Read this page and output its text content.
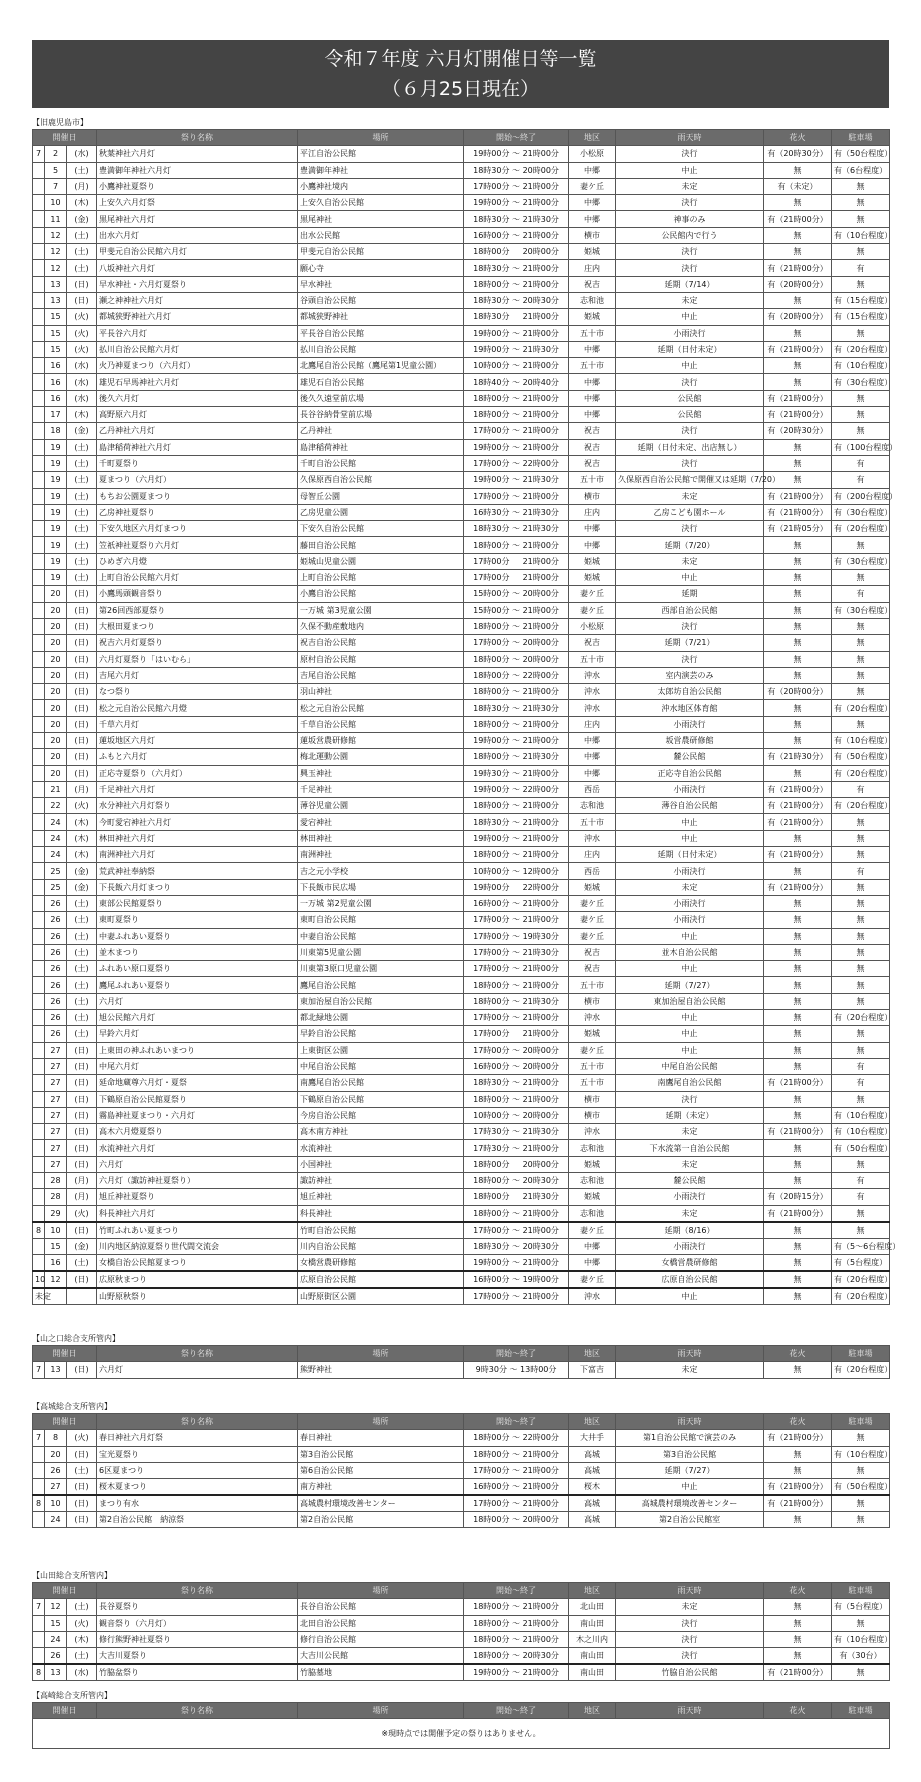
令和７年度 六月灯開催日等一覧
（６月25日現在）
【旧鹿児島市】
開催日			祭り名称	場所	開始～終了	地区	雨天時	花火	駐車場
7	2	(水)	秋葉神社六月灯	平江自治公民館	19時00分 ～ 21時00分	小松原	決行	有（20時30分）	有（50台程度）
	5	(土)	豊満御年神社六月灯	豊満御年神社	18時30分 ～ 20時00分	中郷	中止	無	有（6台程度）
	7	(月)	小鷹神社夏祭り	小鷹神社境内	17時00分 ～ 21時00分	妻ケ丘	未定	有（未定）	無
	10	(木)	上安久六月灯祭	上安久自治公民館	19時00分 ～ 21時00分	中郷	決行	無	無
	11	(金)	黒尾神社六月灯	黒尾神社	18時30分 ～ 21時30分	中郷	神事のみ	有（21時00分）	無
	12	(土)	出水六月灯	出水公民館	16時00分 ～ 21時00分	横市	公民館内で行う	無	有（10台程度）
	12	(土)	甲斐元自治公民館六月灯	甲斐元自治公民館	18時00分 　 20時00分	姫城	決行	無	無
	12	(土)	八坂神社六月灯	願心寺	18時30分 ～ 21時00分	庄内	決行	有（21時00分）	有
	13	(日)	早水神社・六月灯夏祭り	早水神社	18時00分 ～ 21時00分	祝吉	延期（7/14）	有（20時00分）	無
	13	(日)	瀬之神神社六月灯	谷頭自治公民館	18時30分 ～ 20時30分	志和池	未定	無	有（15台程度）
	15	(火)	都城狭野神社六月灯	都城狭野神社	18時30分 　 21時00分	姫城	中止	有（20時00分）	有（15台程度）
	15	(火)	平長谷六月灯	平長谷自治公民館	19時00分 ～ 21時00分	五十市	小雨決行	無	無
	15	(火)	払川自治公民館六月灯	払川自治公民館	19時00分 ～ 21時30分	中郷	延期（日付未定）	有（21時00分）	有（20台程度）
	16	(水)	火乃神夏まつり（六月灯）	北鷹尾自治公民館（鷹尾第1児童公園）	10時00分 ～ 21時00分	五十市	中止	無	有（10台程度）
	16	(水)	雄児石早馬神社六月灯	雄児石自治公民館	18時40分 ～ 20時40分	中郷	決行	無	有（30台程度）
	16	(水)	後久六月灯	後久久遠堂前広場	18時00分 ～ 21時00分	中郷	公民館	有（21時00分）	無
	17	(木)	高野原六月灯	長谷谷納骨堂前広場	18時00分 ～ 21時00分	中郷	公民館	有（21時00分）	無
	18	(金)	乙丹神社六月灯	乙丹神社	17時00分 ～ 21時00分	祝吉	決行	有（20時30分）	無
	19	(土)	島津稲荷神社六月灯	島津稲荷神社	19時00分 ～ 21時00分	祝吉	延期（日付未定、出店無し）	無	有（100台程度）
	19	(土)	千町夏祭り	千町自治公民館	17時00分 ～ 22時00分	祝吉	決行	無	有
	19	(土)	夏まつり（六月灯）	久保原西自治公民館	19時00分 ～ 21時30分	五十市	久保原西自治公民館で開催又は延期（7/20）	無	有
	19	(土)	もちお公園夏まつり	母智丘公園	17時00分 ～ 21時00分	横市	未定	有（21時00分）	有（200台程度）
	19	(土)	乙房神社夏祭り	乙房児童公園	16時30分 ～ 21時30分	庄内	乙房こども園ホール	有（21時00分）	有（30台程度）
	19	(土)	下安久地区六月灯まつり	下安久自治公民館	18時30分 ～ 21時30分	中郷	決行	有（21時05分）	有（20台程度）
	19	(土)	笠祇神社夏祭り六月灯	藤田自治公民館	18時00分 ～ 21時00分	中郷	延期（7/20）	無	無
	19	(土)	ひめぎ六月燈	姫城山児童公園	17時00分 　 21時00分	姫城	未定	無	有（30台程度）
	19	(土)	上町自治公民館六月灯	上町自治公民館	17時00分 　 21時00分	姫城	中止	無	無
	20	(日)	小鷹馬頭観音祭り	小鷹自治公民館	15時00分 ～ 20時00分	妻ケ丘	延期	無	有
	20	(日)	第26回西部夏祭り	一万城 第3児童公園	15時00分 ～ 21時00分	妻ケ丘	西部自治公民館	無	有（30台程度）
	20	(日)	大根田夏まつり	久保不動産敷地内	18時00分 ～ 21時00分	小松原	決行	無	無
	20	(日)	祝吉六月灯夏祭り	祝吉自治公民館	17時00分 ～ 20時00分	祝吉	延期（7/21）	無	無
	20	(日)	六月灯夏祭り「はいむら」	原村自治公民館	18時00分 ～ 20時00分	五十市	決行	無	無
	20	(日)	吉尾六月灯	吉尾自治公民館	18時00分 ～ 22時00分	沖水	室内演芸のみ	無	無
	20	(日)	なつ祭り	羽山神社	18時00分 ～ 21時00分	沖水	太郎坊自治公民館	有（20時00分）	無
	20	(日)	松之元自治公民館六月燈	松之元自治公民館	18時30分 ～ 21時30分	沖水	沖水地区体育館	無	有（20台程度）
	20	(日)	千草六月灯	千草自治公民館	18時00分 ～ 21時00分	庄内	小雨決行	無	無
	20	(日)	蓮坂地区六月灯	蓮坂営農研修館	19時00分 ～ 21時00分	中郷	坂営農研修館	無	有（10台程度）
	20	(日)	ふもと六月灯	梅北運動公園	18時00分 ～ 21時30分	中郷	麓公民館	有（21時30分）	有（50台程度）
	20	(日)	正応寺夏祭り（六月灯）	興玉神社	19時30分 ～ 21時00分	中郷	正応寺自治公民館	無	有（20台程度）
	21	(月)	千足神社六月灯	千足神社	19時00分 ～ 22時00分	西岳	小雨決行	有（21時00分）	有
	22	(火)	水分神社六月灯祭り	薄谷児童公園	18時00分 ～ 21時00分	志和池	薄谷自治公民館	有（21時00分）	有（20台程度）
	24	(木)	今町愛宕神社六月灯	愛宕神社	18時30分 ～ 21時00分	五十市	中止	有（21時00分）	無
	24	(木)	林田神社六月灯	林田神社	19時00分 ～ 21時00分	沖水	中止	無	無
	24	(木)	南洲神社六月灯	南洲神社	18時00分 ～ 21時00分	庄内	延期（日付未定）	有（21時00分）	無
	25	(金)	荒武神社奉納祭	吉之元小学校	10時00分 ～ 12時00分	西岳	小雨決行	無	有
	25	(金)	下長飯六月灯まつり	下長飯市民広場	19時00分 　 22時00分	姫城	未定	有（21時00分）	無
	26	(土)	東部公民館夏祭り	一万城 第2児童公園	16時00分 ～ 21時00分	妻ケ丘	小雨決行	無	無
	26	(土)	東町夏祭り	東町自治公民館	17時00分 ～ 21時00分	妻ケ丘	小雨決行	無	無
	26	(土)	中妻ふれあい夏祭り	中妻自治公民館	17時00分 ～ 19時30分	妻ケ丘	中止	無	無
	26	(土)	並木まつり	川東第5児童公園	17時00分 ～ 21時30分	祝吉	並木自治公民館	無	無
	26	(土)	ふれあい原口夏祭り	川東第3原口児童公園	17時00分 ～ 21時00分	祝吉	中止	無	無
	26	(土)	鷹尾ふれあい夏祭り	鷹尾自治公民館	18時00分 ～ 21時00分	五十市	延期（7/27）	無	無
	26	(土)	六月灯	東加治屋自治公民館	18時00分 ～ 21時30分	横市	東加治屋自治公民館	無	無
	26	(土)	旭公民館六月灯	都北緑地公園	17時00分 ～ 21時00分	沖水	中止	無	有（20台程度）
	26	(土)	早鈴六月灯	早鈴自治公民館	17時00分 　 21時00分	姫城	中止	無	無
	27	(日)	上東田の神ふれあいまつり	上東街区公園	17時00分 ～ 20時00分	妻ケ丘	中止	無	無
	27	(日)	中尾六月灯	中尾自治公民館	16時00分 ～ 20時00分	五十市	中尾自治公民館	無	有
	27	(日)	延命地蔵尊六月灯・夏祭	南鷹尾自治公民館	18時30分 ～ 21時00分	五十市	南鷹尾自治公民館	有（21時00分）	有
	27	(日)	下鶴原自治公民館夏祭り	下鶴原自治公民館	18時00分 ～ 21時00分	横市	決行	無	無
	27	(日)	霧島神社夏まつり・六月灯	今房自治公民館	10時00分 ～ 20時00分	横市	延期（未定）	無	有（10台程度）
	27	(日)	高木六月燈夏祭り	高木南方神社	17時30分 ～ 21時30分	沖水	未定	有（21時00分）	有（10台程度）
	27	(日)	水流神社六月灯	水流神社	17時30分 ～ 21時00分	志和池	下水流第一自治公民館	無	有（50台程度）
	27	(日)	六月灯	小国神社	18時00分 　 20時00分	姫城	未定	無	無
	28	(月)	六月灯（諏訪神社夏祭り）	諏訪神社	18時00分 ～ 20時30分	志和池	麓公民館	無	有
	28	(月)	旭丘神社夏祭り	旭丘神社	18時00分 　 21時30分	姫城	小雨決行	有（20時15分）	有
	29	(火)	科長神社六月灯	科長神社	18時00分 ～ 21時00分	志和池	未定	有（21時00分）	無
8	10	(日)	竹町ふれあい夏まつり	竹町自治公民館	17時00分 ～ 21時00分	妻ケ丘	延期（8/16）	無	無
	15	(金)	川内地区納涼夏祭り世代間交流会	川内自治公民館	18時30分 ～ 20時30分	中郷	小雨決行	無	有（5～6台程度）
	16	(土)	女橋自治公民館夏まつり	女橋営農研修館	19時00分 ～ 21時00分	中郷	女橋営農研修館	無	有（5台程度）
10	12	(日)	広原秋まつり	広原自治公民館	16時00分 ～ 19時00分	妻ケ丘	広原自治公民館	無	有（20台程度）
未定			山野原秋祭り	山野原街区公園	17時00分 ～ 21時00分	沖水	中止	無	有（20台程度）
【山之口総合支所管内】
開催日			祭り名称	場所	開始～終了	地区	雨天時	花火	駐車場
7	13	(日)	六月灯	熊野神社	9時30分 ～ 13時00分	下富吉	未定	無	有（20台程度）
【高城総合支所管内】
開催日			祭り名称	場所	開始～終了	地区	雨天時	花火	駐車場
7	8	(火)	春日神社六月灯祭	春日神社	18時00分 ～ 22時00分	大井手	第1自治公民館で演芸のみ	有（21時00分）	無
	20	(日)	宝光夏祭り	第3自治公民館	18時00分 ～ 21時00分	高城	第3自治公民館	無	有（10台程度）
	26	(土)	6区夏まつり	第6自治公民館	17時00分 ～ 21時00分	高城	延期（7/27）	無	無
	27	(日)	桜木夏まつり	南方神社	16時00分 ～ 21時00分	桜木	中止	有（21時00分）	有（50台程度）
8	10	(日)	まつり有水	高城農村環境改善センター	17時00分 ～ 21時00分	高城	高城農村環境改善センター	有（21時00分）	無
	24	(日)	第2自治公民館　納涼祭	第2自治公民館	18時00分 ～ 20時00分	高城	第2自治公民館室	無	無
【山田総合支所管内】
開催日			祭り名称	場所	開始～終了	地区	雨天時	花火	駐車場
7	12	(土)	長谷夏祭り	長谷自治公民館	18時00分 ～ 21時00分	北山田	未定	無	有（5台程度）
	15	(火)	観音祭り（六月灯）	北田自治公民館	18時00分 ～ 21時00分	南山田	決行	無	無
	24	(木)	修行熊野神社夏祭り	修行自治公民館	18時00分 ～ 21時00分	木之川内	決行	無	有（10台程度）
	26	(土)	大吉川夏祭り	大吉川公民館	18時00分 ～ 20時30分	南山田	決行	無	有（30台）
8	13	(水)	竹脇盆祭り	竹脇墓地	19時00分 ～ 21時00分	南山田	竹脇自治公民館	有（21時00分）	無
【高崎総合支所管内】
開催日	祭り名称	場所	開始～終了	地区	雨天時	花火	駐車場
※現時点では開催予定の祭りはありません。
